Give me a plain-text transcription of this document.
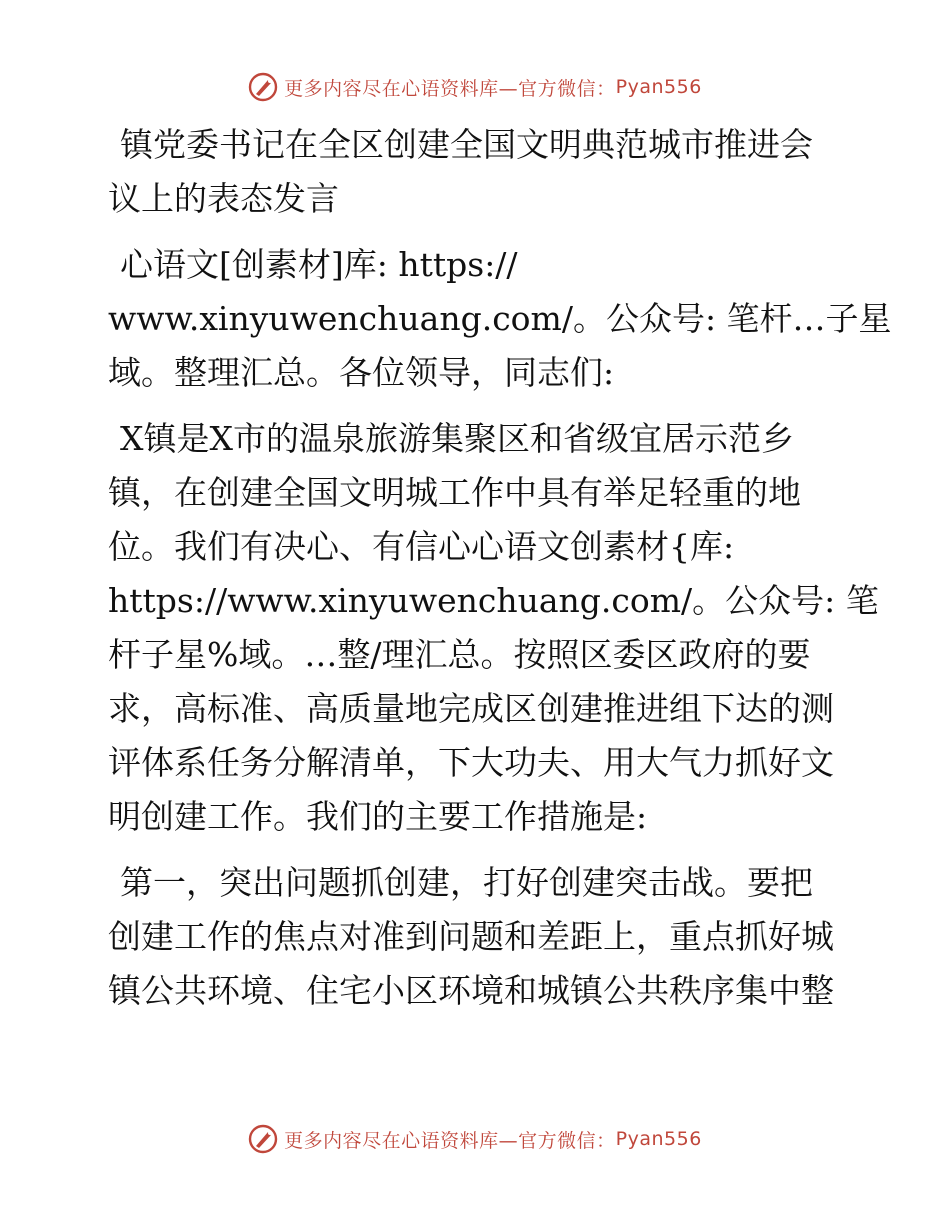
更多内容尽在心语资料库—官方微信： Pyan556
镇党委书记在全区创建全国文明典范城市推进会
议上的表态发言
心语文[创素材]库: https://
www.xinyuwenchuang.com/。公众号: 笔杆…子星
域。整理汇总。各位领导，同志们:
X镇是X市的温泉旅游集聚区和省级宜居示范乡
镇，在创建全国文明城工作中具有举足轻重的地
位。我们有决心、有信心心语文创素材{库:
https://www.xinyuwenchuang.com/。公众号: 笔
杆子星%域。…整/理汇总。按照区委区政府的要
求，高标准、高质量地完成区创建推进组下达的测
评体系任务分解清单，下大功夫、用大气力抓好文
明创建工作。我们的主要工作措施是:
第一，突出问题抓创建，打好创建突击战。要把
创建工作的焦点对准到问题和差距上，重点抓好城
镇公共环境、住宅小区环境和城镇公共秩序集中整
更多内容尽在心语资料库—官方微信： Pyan556
